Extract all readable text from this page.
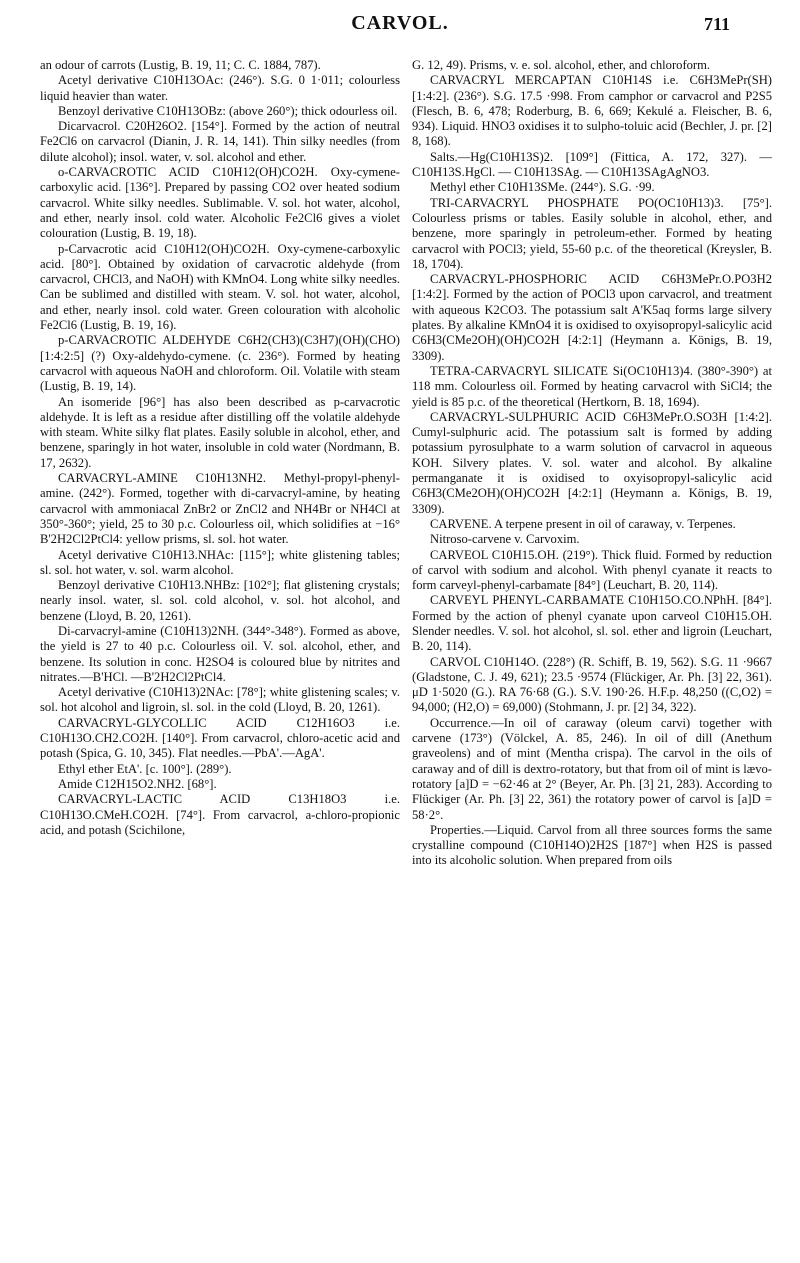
CARVOL.	711

an odour of carrots (Lustig, B. 19, 11; C. C. 1884, 787).

Acetyl derivative C10H13OAc: (246°). S.G. 0 1·011; colourless liquid heavier than water.

Benzoyl derivative C10H13OBz: (above 260°); thick odourless oil.

Dicarvacrol. C20H26O2. [154°]. Formed by the action of neutral Fe2Cl6 on carvacrol (Dianin, J. R. 14, 141). Thin silky needles (from dilute alcohol); insol. water, v. sol. alcohol and ether.

o-CARVACROTIC ACID C10H12(OH)CO2H. Oxy-cymene-carboxylic acid. [136°]. Prepared by passing CO2 over heated sodium carvacrol. White silky needles. Sublimable. V. sol. hot water, alcohol, and ether, nearly insol. cold water. Alcoholic Fe2Cl6 gives a violet colouration (Lustig, B. 19, 18).

p-Carvacrotic acid C10H12(OH)CO2H. Oxy-cymene-carboxylic acid. [80°]. Obtained by oxidation of carvacrotic aldehyde (from carvacrol, CHCl3, and NaOH) with KMnO4. Long white silky needles. Can be sublimed and distilled with steam. V. sol. hot water, alcohol, and ether, nearly insol. cold water. Green colouration with alcoholic Fe2Cl6 (Lustig, B. 19, 16).

p-CARVACROTIC ALDEHYDE C6H2(CH3)(C3H7)(OH)(CHO) [1:4:2:5] (?) Oxy-aldehydo-cymene. (c. 236°). Formed by heating carvacrol with aqueous NaOH and chloroform. Oil. Volatile with steam (Lustig, B. 19, 14).

An isomeride [96°] has also been described as p-carvacrotic aldehyde. It is left as a residue after distilling off the volatile aldehyde with steam. White silky flat plates. Easily soluble in alcohol, ether, and benzene, sparingly in hot water, insoluble in cold water (Nordmann, B. 17, 2632).

CARVACRYL-AMINE C10H13NH2. Methyl-propyl-phenyl-amine. (242°). Formed, together with di-carvacryl-amine, by heating carvacrol with ammoniacal ZnBr2 or ZnCl2 and NH4Br or NH4Cl at 350°-360°; yield, 25 to 30 p.c. Colourless oil, which solidifies at −16° B'2H2Cl2PtCl4: yellow prisms, sl. sol. hot water.

Acetyl derivative C10H13.NHAc: [115°]; white glistening tables; sl. sol. hot water, v. sol. warm alcohol.

Benzoyl derivative C10H13.NHBz: [102°]; flat glistening crystals; nearly insol. water, sl. sol. cold alcohol, v. sol. hot alcohol, and benzene (Lloyd, B. 20, 1261).

Di-carvacryl-amine (C10H13)2NH. (344°-348°). Formed as above, the yield is 27 to 40 p.c. Colourless oil. V. sol. alcohol, ether, and benzene. Its solution in conc. H2SO4 is coloured blue by nitrites and nitrates.—B'HCl. —B'2H2Cl2PtCl4.

Acetyl derivative (C10H13)2NAc: [78°]; white glistening scales; v. sol. hot alcohol and ligroin, sl. sol. in the cold (Lloyd, B. 20, 1261).

CARVACRYL-GLYCOLLIC ACID C12H16O3 i.e. C10H13O.CH2.CO2H. [140°]. From carvacrol, chloro-acetic acid and potash (Spica, G. 10, 345). Flat needles.—PbA'.—AgA'.

Ethyl ether EtA'. [c. 100°]. (289°).

Amide C12H15O2.NH2. [68°].

CARVACRYL-LACTIC ACID C13H18O3 i.e. C10H13O.CMeH.CO2H. [74°]. From carvacrol, a-chloro-propionic acid, and potash (Scichilone,

G. 12, 49). Prisms, v. e. sol. alcohol, ether, and chloroform.

CARVACRYL MERCAPTAN C10H14S i.e. C6H3MePr(SH) [1:4:2]. (236°). S.G. 17.5 ·998. From camphor or carvacrol and P2S5 (Flesch, B. 6, 478; Roderburg, B. 6, 669; Kekulé a. Fleischer, B. 6, 934). Liquid. HNO3 oxidises it to sulpho-toluic acid (Bechler, J. pr. [2] 8, 168).

Salts.—Hg(C10H13S)2. [109°] (Fittica, A. 172, 327). — C10H13S.HgCl. — C10H13SAg. — C10H13SAgAgNO3.

Methyl ether C10H13SMe. (244°). S.G. ·99.

TRI-CARVACRYL PHOSPHATE PO(OC10H13)3. [75°]. Colourless prisms or tables. Easily soluble in alcohol, ether, and benzene, more sparingly in petroleum-ether. Formed by heating carvacrol with POCl3; yield, 55-60 p.c. of the theoretical (Kreysler, B. 18, 1704).

CARVACRYL-PHOSPHORIC ACID C6H3MePr.O.PO3H2 [1:4:2]. Formed by the action of POCl3 upon carvacrol, and treatment with aqueous K2CO3. The potassium salt A'K5aq forms large silvery plates. By alkaline KMnO4 it is oxidised to oxyisopropyl-salicylic acid C6H3(CMe2OH)(OH)CO2H [4:2:1] (Heymann a. Königs, B. 19, 3309).

TETRA-CARVACRYL SILICATE Si(OC10H13)4. (380°-390°) at 118 mm. Colourless oil. Formed by heating carvacrol with SiCl4; the yield is 85 p.c. of the theoretical (Hertkorn, B. 18, 1694).

CARVACRYL-SULPHURIC ACID C6H3MePr.O.SO3H [1:4:2]. Cumyl-sulphuric acid. The potassium salt is formed by adding potassium pyrosulphate to a warm solution of carvacrol in aqueous KOH. Silvery plates. V. sol. water and alcohol. By alkaline permanganate it is oxidised to oxyisopropyl-salicylic acid C6H3(CMe2OH)(OH)CO2H [4:2:1] (Heymann a. Königs, B. 19, 3309).

CARVENE. A terpene present in oil of caraway, v. Terpenes.

Nitroso-carvene v. Carvoxim.

CARVEOL C10H15.OH. (219°). Thick fluid. Formed by reduction of carvol with sodium and alcohol. With phenyl cyanate it reacts to form carveyl-phenyl-carbamate [84°] (Leuchart, B. 20, 114).

CARVEYL PHENYL-CARBAMATE C10H15O.CO.NPhH. [84°]. Formed by the action of phenyl cyanate upon carveol C10H15.OH. Slender needles. V. sol. hot alcohol, sl. sol. ether and ligroin (Leuchart, B. 20, 114).

CARVOL C10H14O. (228°) (R. Schiff, B. 19, 562). S.G. 11 ·9667 (Gladstone, C. J. 49, 621); 23.5 ·9574 (Flückiger, Ar. Ph. [3] 22, 361). μD 1·5020 (G.). RA 76·68 (G.). S.V. 190·26. H.F.p. 48,250 ((C,O2) = 94,000; (H2,O) = 69,000) (Stohmann, J. pr. [2] 34, 322).

Occurrence.—In oil of caraway (oleum carvi) together with carvene (173°) (Völckel, A. 85, 246). In oil of dill (Anethum graveolens) and of mint (Mentha crispa). The carvol in the oils of caraway and of dill is dextro-rotatory, but that from oil of mint is lævo-rotatory [a]D = −62·46 at 2° (Beyer, Ar. Ph. [3] 21, 283). According to Flückiger (Ar. Ph. [3] 22, 361) the rotatory power of carvol is [a]D = 58·2°.

Properties.—Liquid. Carvol from all three sources forms the same crystalline compound (C10H14O)2H2S [187°] when H2S is passed into its alcoholic solution. When prepared from oils
